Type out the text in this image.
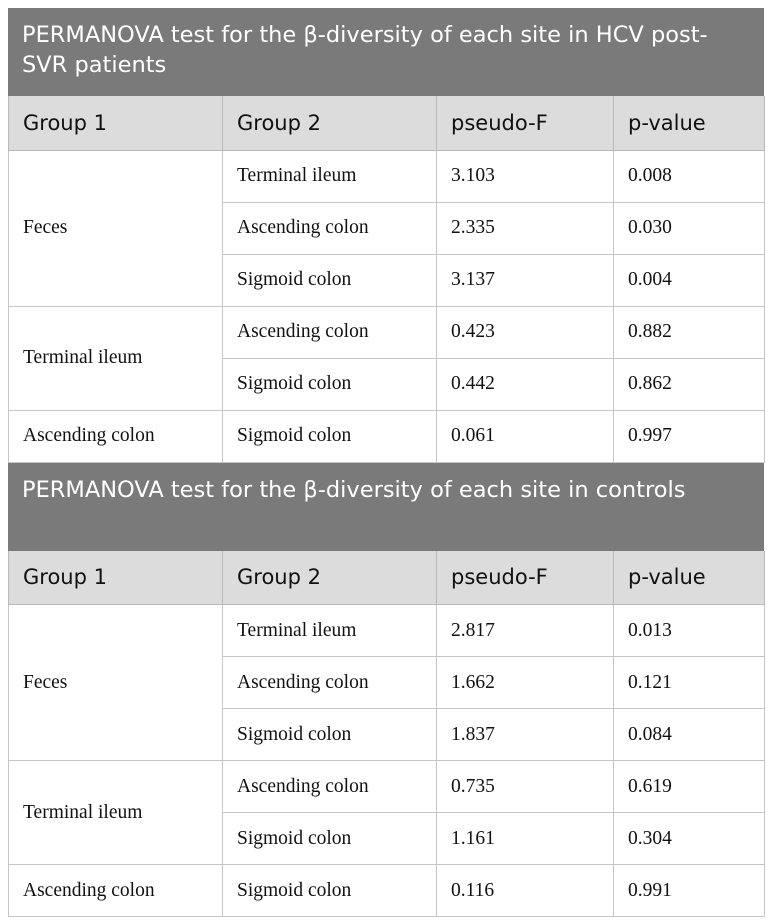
PERMANOVA test for the β-diversity of each site in HCV post-SVR patients
Group 1	Group 2	pseudo-F	p-value
Feces	Terminal ileum	3.103	0.008
	Ascending colon	2.335	0.030
	Sigmoid colon	3.137	0.004
Terminal ileum	Ascending colon	0.423	0.882
	Sigmoid colon	0.442	0.862
Ascending colon	Sigmoid colon	0.061	0.997
PERMANOVA test for the β-diversity of each site in controls
Group 1	Group 2	pseudo-F	p-value
Feces	Terminal ileum	2.817	0.013
	Ascending colon	1.662	0.121
	Sigmoid colon	1.837	0.084
Terminal ileum	Ascending colon	0.735	0.619
	Sigmoid colon	1.161	0.304
Ascending colon	Sigmoid colon	0.116	0.991
